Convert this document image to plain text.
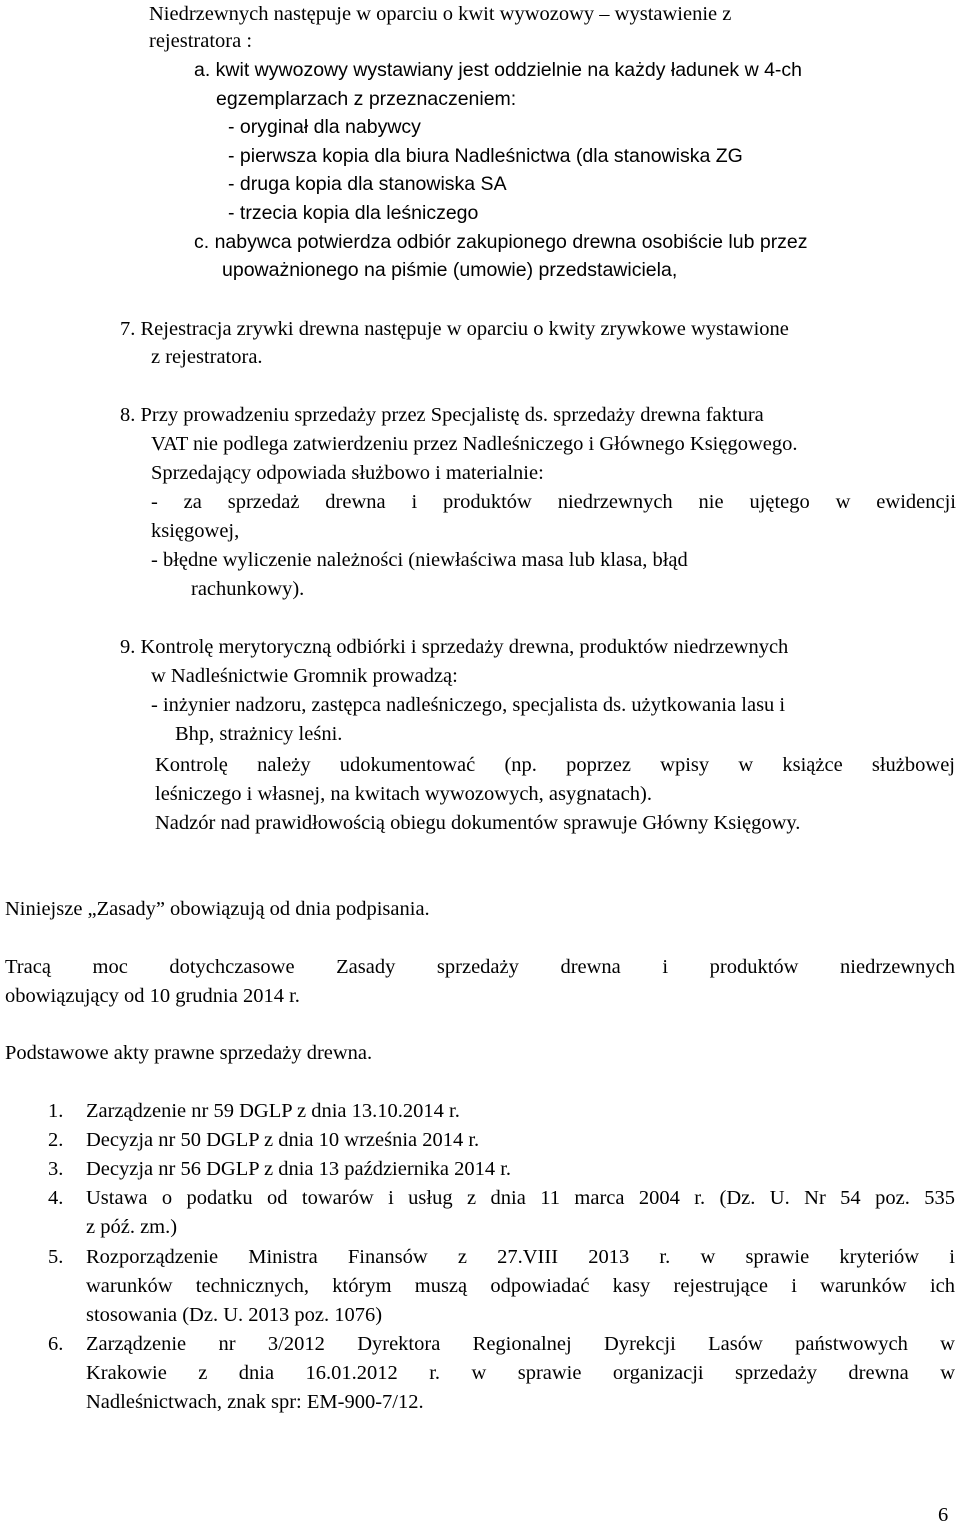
Niedrzewnych następuje w oparciu o kwit wywozowy – wystawienie z
rejestratora :
a. kwit wywozowy wystawiany jest oddzielnie na każdy ładunek w 4-ch
egzemplarzach z przeznaczeniem:
- oryginał dla nabywcy
- pierwsza kopia dla biura Nadleśnictwa (dla stanowiska ZG
- druga kopia dla stanowiska SA
- trzecia kopia dla leśniczego
c. nabywca potwierdza odbiór zakupionego drewna osobiście lub przez
upoważnionego na piśmie (umowie) przedstawiciela,
7. Rejestracja zrywki drewna następuje w oparciu o kwity zrywkowe wystawione
z rejestratora.
8. Przy prowadzeniu sprzedaży przez Specjalistę ds. sprzedaży drewna faktura
VAT nie podlega zatwierdzeniu przez Nadleśniczego i Głównego Księgowego.
Sprzedający odpowiada służbowo i materialnie:
- za sprzedaż drewna i produktów niedrzewnych nie ujętego w ewidencji
księgowej,
- błędne wyliczenie należności (niewłaściwa masa lub klasa, błąd
rachunkowy).
9. Kontrolę merytoryczną odbiórki i sprzedaży drewna, produktów niedrzewnych
w Nadleśnictwie Gromnik prowadzą:
- inżynier nadzoru, zastępca nadleśniczego, specjalista ds. użytkowania lasu i
Bhp, strażnicy leśni.
Kontrolę należy udokumentować (np. poprzez wpisy w książce służbowej
leśniczego i własnej, na kwitach wywozowych, asygnatach).
Nadzór nad prawidłowością obiegu dokumentów sprawuje Główny Księgowy.
Niniejsze „Zasady” obowiązują od dnia podpisania.
Tracą moc dotychczasowe Zasady sprzedaży drewna i produktów niedrzewnych
obowiązujący od 10 grudnia 2014 r.
Podstawowe akty prawne sprzedaży drewna.
1. Zarządzenie nr 59 DGLP z dnia 13.10.2014 r.
2. Decyzja nr 50 DGLP z dnia 10 września 2014 r.
3. Decyzja nr 56 DGLP z dnia 13 października 2014 r.
4. Ustawa o podatku od towarów i usług z dnia 11 marca 2004 r. (Dz. U. Nr 54 poz. 535
z póź. zm.)
5. Rozporządzenie Ministra Finansów z 27.VIII 2013 r. w sprawie kryteriów i
warunków technicznych, którym muszą odpowiadać kasy rejestrujące i warunków ich
stosowania (Dz. U. 2013 poz. 1076)
6. Zarządzenie nr 3/2012 Dyrektora Regionalnej Dyrekcji Lasów państwowych w
Krakowie z dnia 16.01.2012 r. w sprawie organizacji sprzedaży drewna w
Nadleśnictwach, znak spr: EM-900-7/12.
6
